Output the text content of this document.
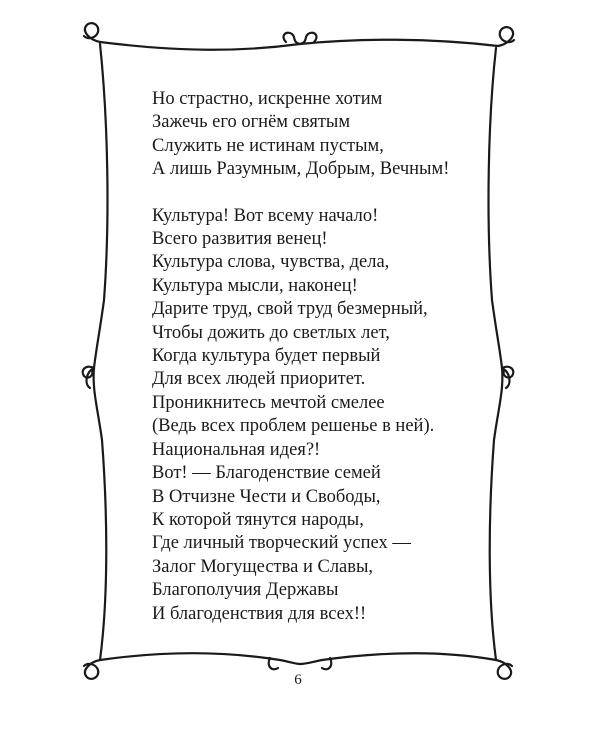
Но страстно, искренне хотим
Зажечь его огнём святым
Служить не истинам пустым,
А лишь Разумным, Добрым, Вечным!
Культура! Вот всему начало!
Всего развития венец!
Культура слова, чувства, дела,
Культура мысли, наконец!
Дарите труд, свой труд безмерный,
Чтобы дожить до светлых лет,
Когда культура будет первый
Для всех людей приоритет.
Проникнитесь мечтой смелее
(Ведь всех проблем решенье в ней).
Национальная идея?!
Вот! — Благоденствие семей
В Отчизне Чести и Свободы,
К которой тянутся народы,
Где личный творческий успех —
Залог Могущества и Славы,
Благополучия Державы
И благоденствия для всех!!
6
